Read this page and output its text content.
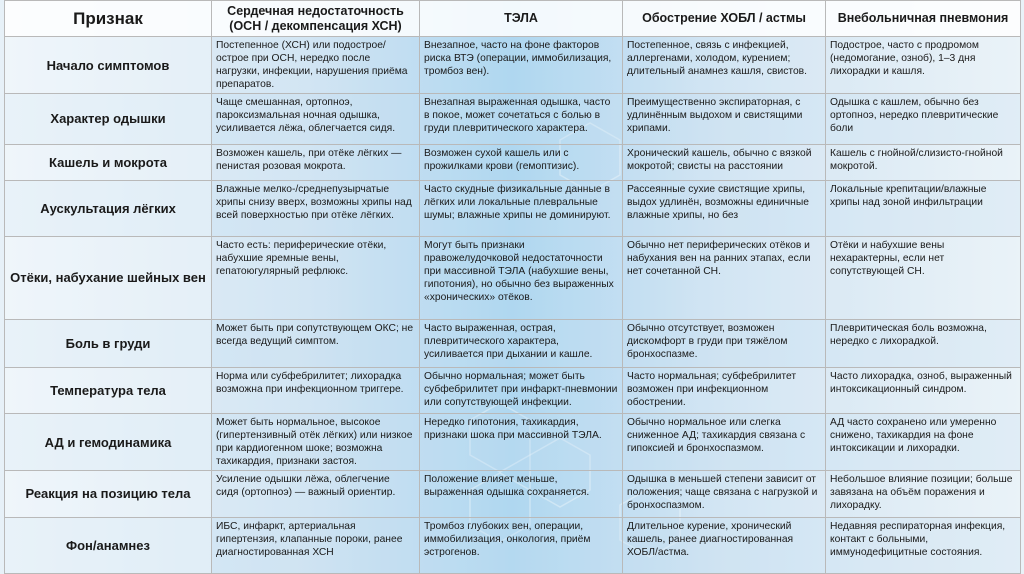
Признак	Сердечная недостаточность (ОСН / декомпенсация ХСН)	ТЭЛА	Обострение ХОБЛ / астмы	Внебольничная пневмония
Начало симптомов	Постепенное (ХСН) или подострое/острое при ОСН, нередко после нагрузки, инфекции, нарушения приёма препаратов.	Внезапное, часто на фоне факторов риска ВТЭ (операции, иммобилизация, тромбоз вен).	Постепенное, связь с инфекцией, аллергенами, холодом, курением; длительный анамнез кашля, свистов.	Подострое, часто с продромом (недомогание, озноб), 1–3 дня лихорадки и кашля.
Характер одышки	Чаще смешанная, ортопноэ, пароксизмальная ночная одышка, усиливается лёжа, облегчается сидя.	Внезапная выраженная одышка, часто в покое, может сочетаться с болью в груди плевритического характера.	Преимущественно экспираторная, с удлинённым выдохом и свистящими хрипами.	Одышка с кашлем, обычно без ортопноэ, нередко плевритические боли
Кашель и мокрота	Возможен кашель, при отёке лёгких — пенистая розовая мокрота.	Возможен сухой кашель или с прожилками крови (гемоптизис).	Хронический кашель, обычно с вязкой мокротой; свисты на расстоянии	Кашель с гнойной/слизисто-гнойной мокротой.
Аускультация лёгких	Влажные мелко-/среднепузырчатые хрипы снизу вверх, возможны хрипы над всей поверхностью при отёке лёгких.	Часто скудные физикальные данные в лёгких или локальные плевральные шумы; влажные хрипы не доминируют.	Рассеянные сухие свистящие хрипы, выдох удлинён, возможны единичные влажные хрипы, но без	Локальные крепитации/влажные хрипы над зоной инфильтрации
Отёки, набухание шейных вен	Часто есть: периферические отёки, набухшие яремные вены, гепатоюгулярный рефлюкс.	Могут быть признаки правожелудочковой недостаточности при массивной ТЭЛА (набухшие вены, гипотония), но обычно без выраженных «хронических» отёков.	Обычно нет периферических отёков и набухания вен на ранних этапах, если нет сочетанной СН.	Отёки и набухшие вены нехарактерны, если нет сопутствующей СН.
Боль в груди	Может быть при сопутствующем ОКС; не всегда ведущий симптом.	Часто выраженная, острая, плевритического характера, усиливается при дыхании и кашле.	Обычно отсутствует, возможен дискомфорт в груди при тяжёлом бронхоспазме.	Плевритическая боль возможна, нередко с лихорадкой.
Температура тела	Норма или субфебрилитет; лихорадка возможна при инфекционном триггере.	Обычно нормальная; может быть субфебрилитет при инфаркт-пневмонии или сопутствующей инфекции.	Часто нормальная; субфебрилитет возможен при инфекционном обострении.	Часто лихорадка, озноб, выраженный интоксикационный синдром.
АД и гемодинамика	Может быть нормальное, высокое (гипертензивный отёк лёгких) или низкое при кардиогенном шоке; возможна тахикардия, признаки застоя.	Нередко гипотония, тахикардия, признаки шока при массивной ТЭЛА.	Обычно нормальное или слегка сниженное АД; тахикардия связана с гипоксией и бронхоспазмом.	АД часто сохранено или умеренно снижено, тахикардия на фоне интоксикации и лихорадки.
Реакция на позицию тела	Усиление одышки лёжа, облегчение сидя (ортопноэ) — важный ориентир.	Положение влияет меньше, выраженная одышка сохраняется.	Одышка в меньшей степени зависит от положения; чаще связана с нагрузкой и бронхоспазмом.	Небольшое влияние позиции; больше завязана на объём поражения и лихорадку.
Фон/анамнез	ИБС, инфаркт, артериальная гипертензия, клапанные пороки, ранее диагностированная ХСН	Тромбоз глубоких вен, операции, иммобилизация, онкология, приём эстрогенов.	Длительное курение, хронический кашель, ранее диагностированная ХОБЛ/астма.	Недавняя респираторная инфекция, контакт с больными, иммунодефицитные состояния.
